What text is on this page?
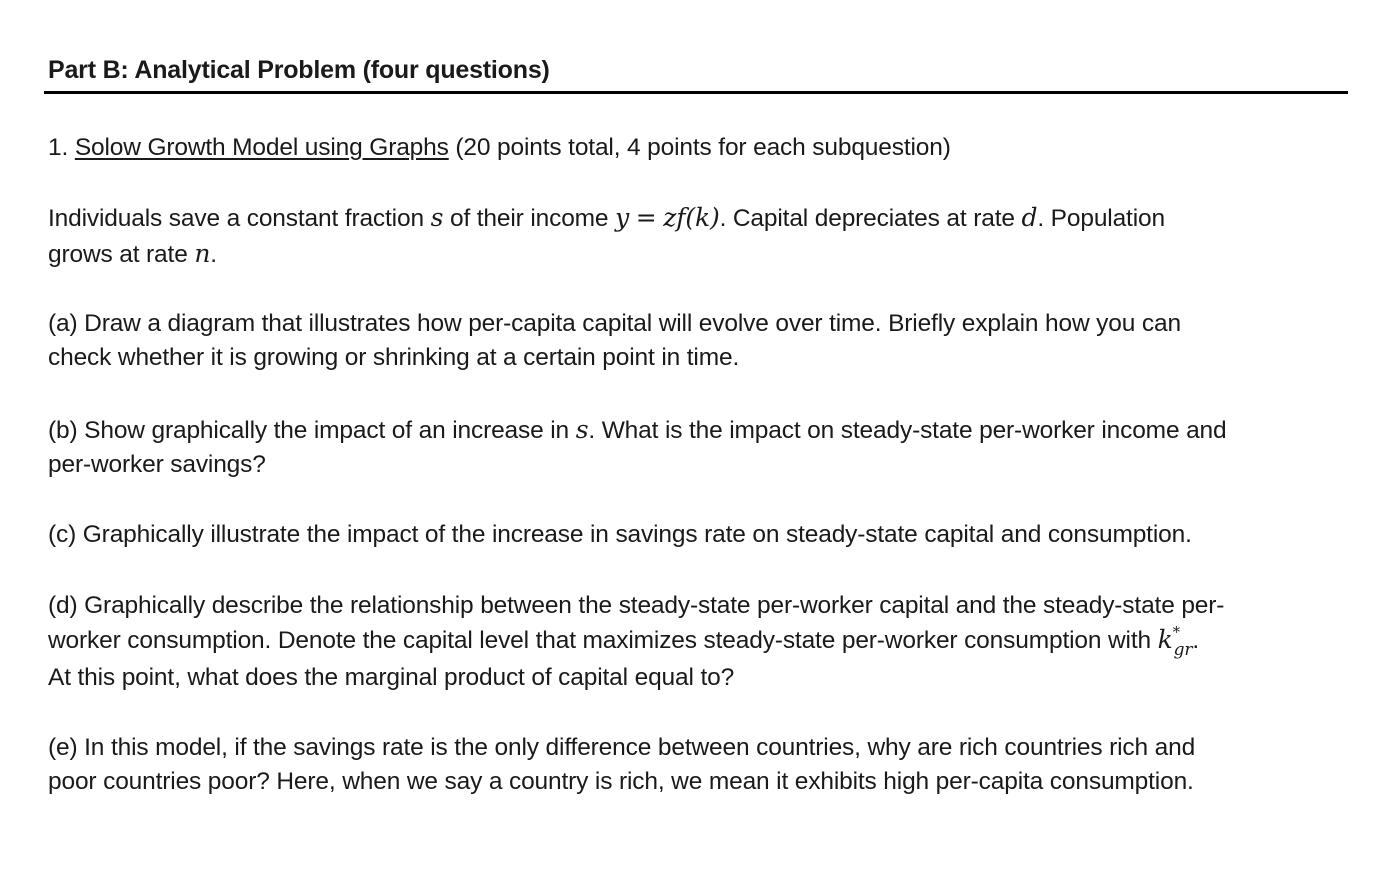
Part B: Analytical Problem (four questions)
1. Solow Growth Model using Graphs (20 points total, 4 points for each subquestion)
Individuals save a constant fraction s of their income y = zf(k). Capital depreciates at rate d. Population
grows at rate n.
(a) Draw a diagram that illustrates how per-capita capital will evolve over time. Briefly explain how you can
check whether it is growing or shrinking at a certain point in time.
(b) Show graphically the impact of an increase in s. What is the impact on steady-state per-worker income and
per-worker savings?
(c) Graphically illustrate the impact of the increase in savings rate on steady-state capital and consumption.
(d) Graphically describe the relationship between the steady-state per-worker capital and the steady-state per-
worker consumption. Denote the capital level that maximizes steady-state per-worker consumption with k *
$_{gr}$.
At this point, what does the marginal product of capital equal to?
(e) In this model, if the savings rate is the only difference between countries, why are rich countries rich and
poor countries poor? Here, when we say a country is rich, we mean it exhibits high per-capita consumption.
